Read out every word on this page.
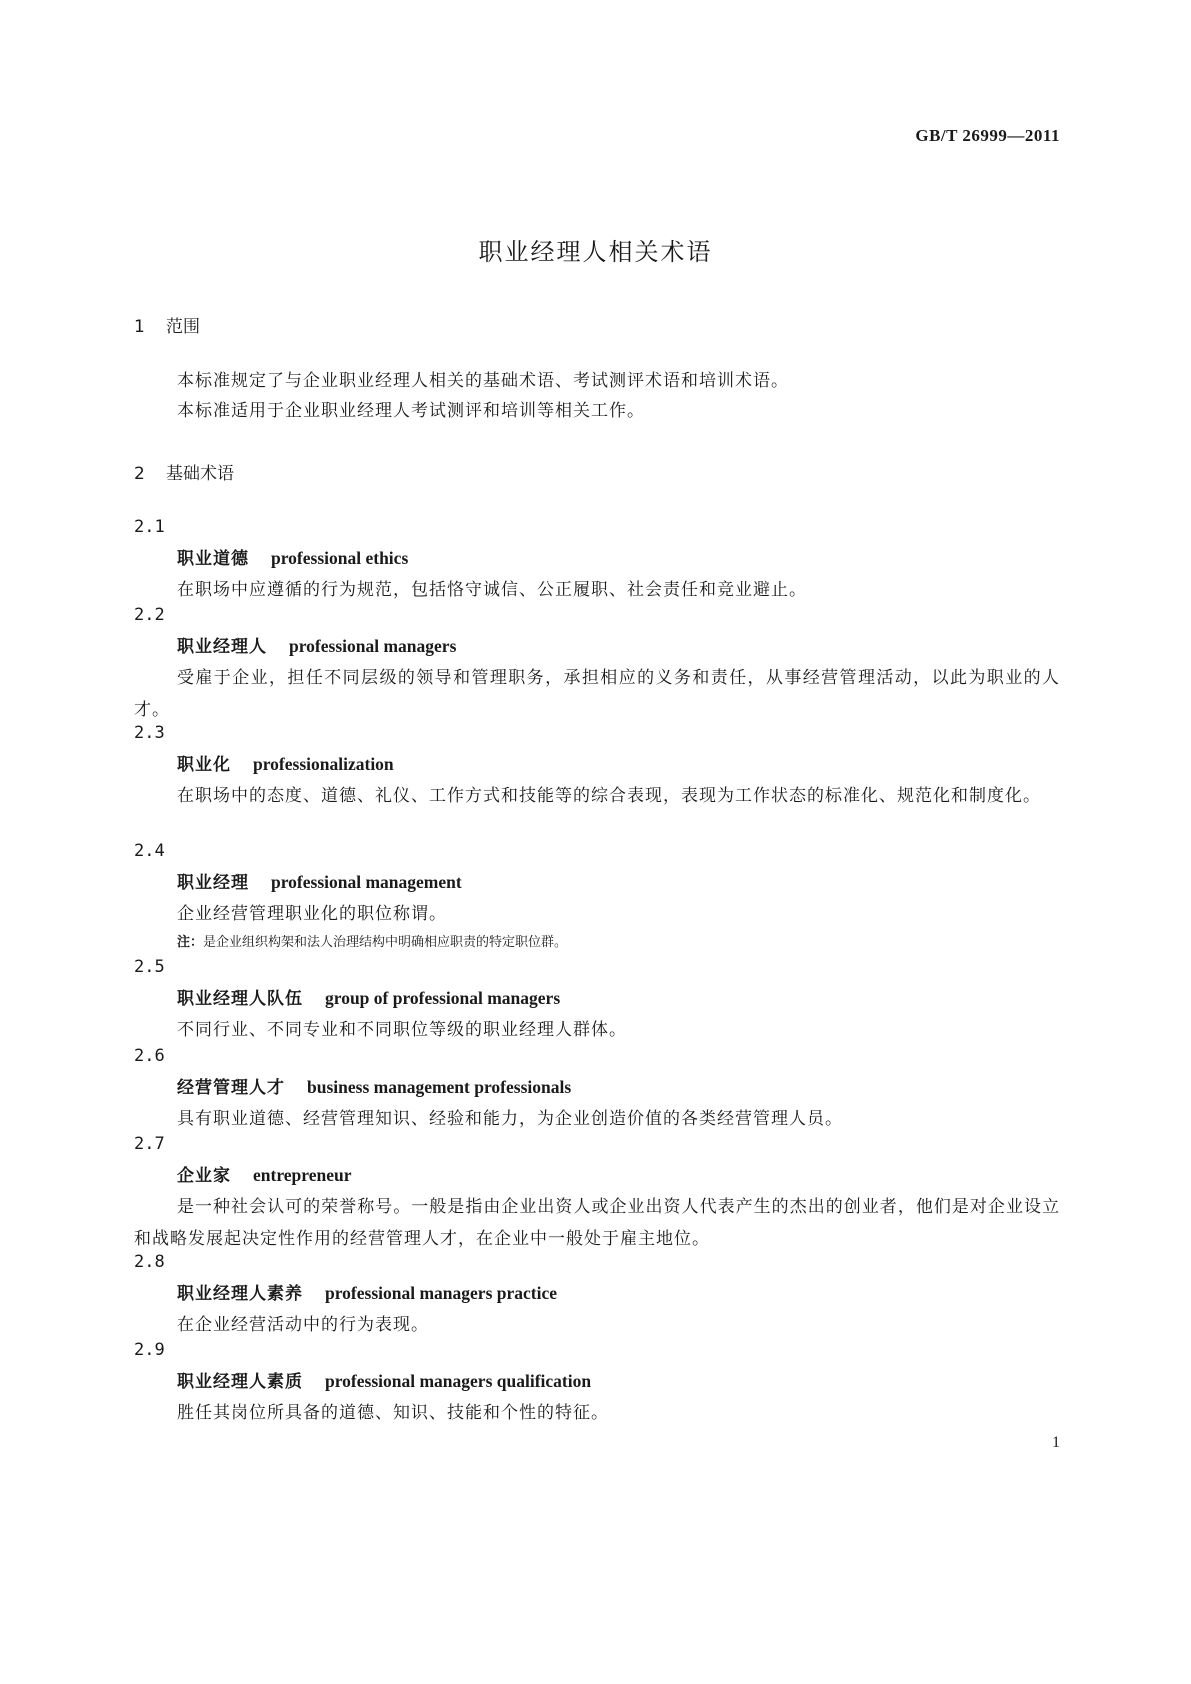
GB/T 26999—2011
职业经理人相关术语
1 范围

本标准规定了与企业职业经理人相关的基础术语、考试测评术语和培训术语。

本标准适用于企业职业经理人考试测评和培训等相关工作。

2 基础术语
2.1
职业道德 professional ethics
在职场中应遵循的行为规范，包括恪守诚信、公正履职、社会责任和竞业避止。
2.2
职业经理人 professional managers
受雇于企业，担任不同层级的领导和管理职务，承担相应的义务和责任，从事经营管理活动，以此为职业的人才。
2.3
职业化 professionalization
在职场中的态度、道德、礼仪、工作方式和技能等的综合表现，表现为工作状态的标准化、规范化和制度化。
2.4
职业经理 professional management
企业经营管理职业化的职位称谓。
注：是企业组织构架和法人治理结构中明确相应职责的特定职位群。
2.5
职业经理人队伍 group of professional managers
不同行业、不同专业和不同职位等级的职业经理人群体。
2.6
经营管理人才 business management professionals
具有职业道德、经营管理知识、经验和能力，为企业创造价值的各类经营管理人员。
2.7
企业家 entrepreneur
是一种社会认可的荣誉称号。一般是指由企业出资人或企业出资人代表产生的杰出的创业者，他们是对企业设立和战略发展起决定性作用的经营管理人才，在企业中一般处于雇主地位。
2.8
职业经理人素养 professional managers practice
在企业经营活动中的行为表现。
2.9
职业经理人素质 professional managers qualification
胜任其岗位所具备的道德、知识、技能和个性的特征。
1
